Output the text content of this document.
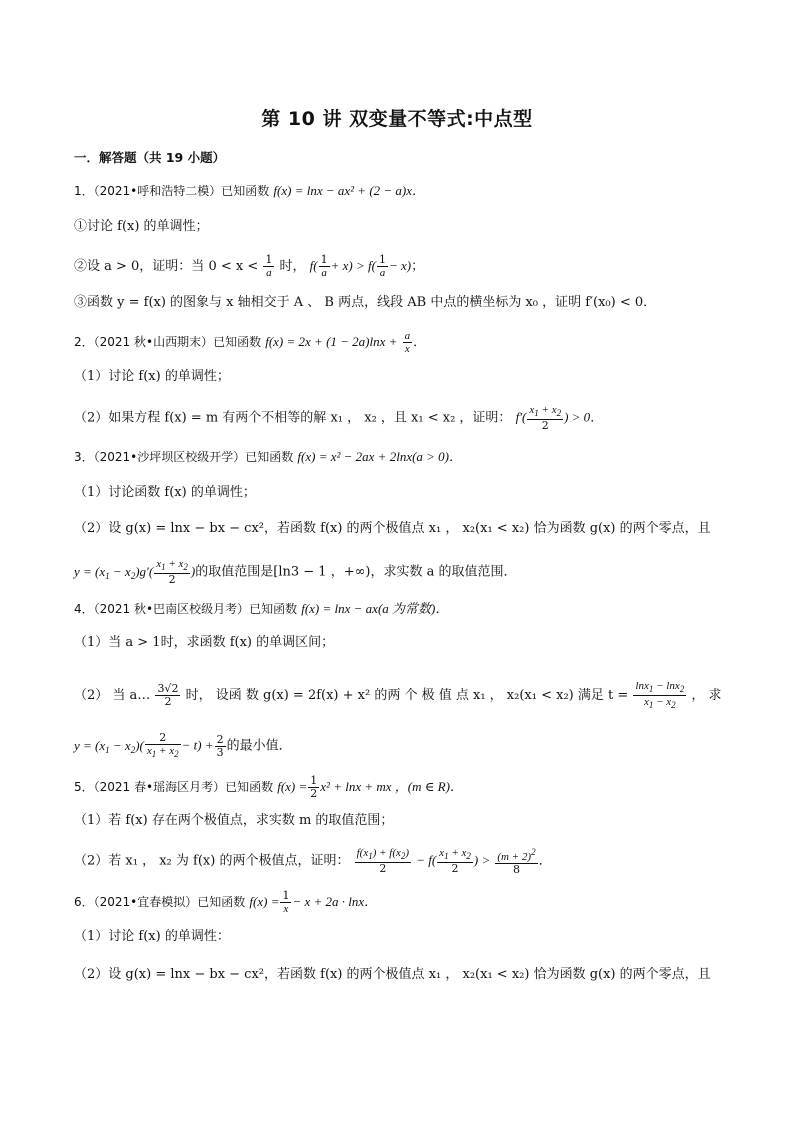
第 10 讲 双变量不等式:中点型
一．解答题（共 19 小题）
1．（2021•呼和浩特二模）已知函数 f(x) = lnx − ax² + (2 − a)x．
①讨论 f(x) 的单调性；
②设 a > 0，证明：当 $0 < x < \frac{1}{a}$ 时， $f( \frac{1}{a} + x) > f( \frac{1}{a} - x)$；
③函数 y = f(x) 的图象与 x 轴相交于 A 、 B 两点，线段 AB 中点的横坐标为 x₀ ，证明 f′(x₀) < 0．
2．（2021 秋•山西期末）已知函数 $f(x) = 2x + (1 - 2a)\ln x + \frac{a}{x}$ ．
（1）讨论 f(x) 的单调性；
（2）如果方程 f(x) = m 有两个不相等的解 x₁ ， x₂ ，且 x₁ < x₂ ，证明： $f'( \frac{x_1 + x_2}{2}$ ) > 0．
3．（2021•沙坪坝区校级开学）已知函数 f(x) = x² − 2ax + 2lnx(a > 0)．
（1）讨论函数 f(x) 的单调性；
（2）设 g(x) = lnx − bx − cx²，若函数 f(x) 的两个极值点 x₁ ， x₂(x₁ < x₂) 恰为函数 g(x) 的两个零点，且
$y = (x_1 - x_2)g'( \frac{x_1 + x_2}{2}$ )的取值范围是[ln3 − 1 ，+∞)，求实数 a 的取值范围．
4．（2021 秋•巴南区校级月考）已知函数 f(x) = lnx − ax(a 为常数)．
（1）当 a > 1时，求函数 f(x) 的单调区间；
（2） 当 a… $\frac{3√2}{2}$ 时， 设函 数 g(x) = 2f(x) + x² 的两 个 极 值 点 x₁ ， x₂(x₁ < x₂) 满足 $t = \frac{\ln x_1 - \ln x_2}{x_1 - x_2}$ ， 求
$y = (x_1 - x_2)( \frac{2}{x_1 + x_2} - t) + \frac{2}{3}$ 的最小值．
5．（2021 春•瑶海区月考）已知函数 $f(x) = \frac{1}{2} x^2 + \ln x$ + mx ，(m ∈ R)．
（1）若 f(x) 存在两个极值点，求实数 m 的取值范围；
（2）若 x₁ ， x₂ 为 f(x) 的两个极值点，证明： $\frac{f(x_1) + f(x_2)}{2} - f( \frac{x_1 + x_2}{2}$ ) > $\frac{(m + 2)^2}{8}$ ．
6．（2021•宜春模拟）已知函数 $f(x) = \frac{1}{x} - x + 2a \cdot \ln x$．
（1）讨论 f(x) 的单调性：
（2）设 g(x) = lnx − bx − cx²，若函数 f(x) 的两个极值点 x₁ ， x₂(x₁ < x₂) 恰为函数 g(x) 的两个零点，且
